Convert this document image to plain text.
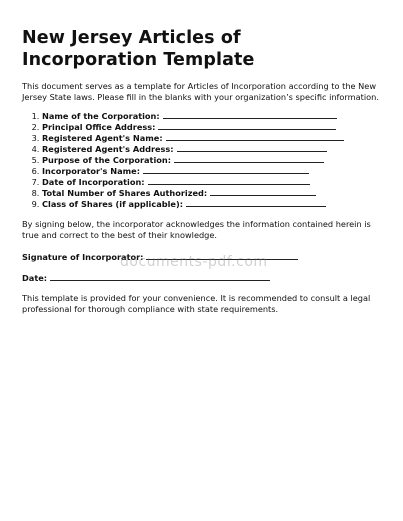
New Jersey Articles of Incorporation Template

This document serves as a template for Articles of Incorporation according to the New Jersey State laws. Please fill in the blanks with your organization’s specific information.

1. Name of the Corporation:
2. Principal Office Address:
3. Registered Agent's Name:
4. Registered Agent's Address:
5. Purpose of the Corporation:
6. Incorporator's Name:
7. Date of Incorporation:
8. Total Number of Shares Authorized:
9. Class of Shares (if applicable):

By signing below, the incorporator acknowledges the information contained herein is true and correct to the best of their knowledge.

Signature of Incorporator:

Date:

This template is provided for your convenience. It is recommended to consult a legal professional for thorough compliance with state requirements.

documents-pdf.com
